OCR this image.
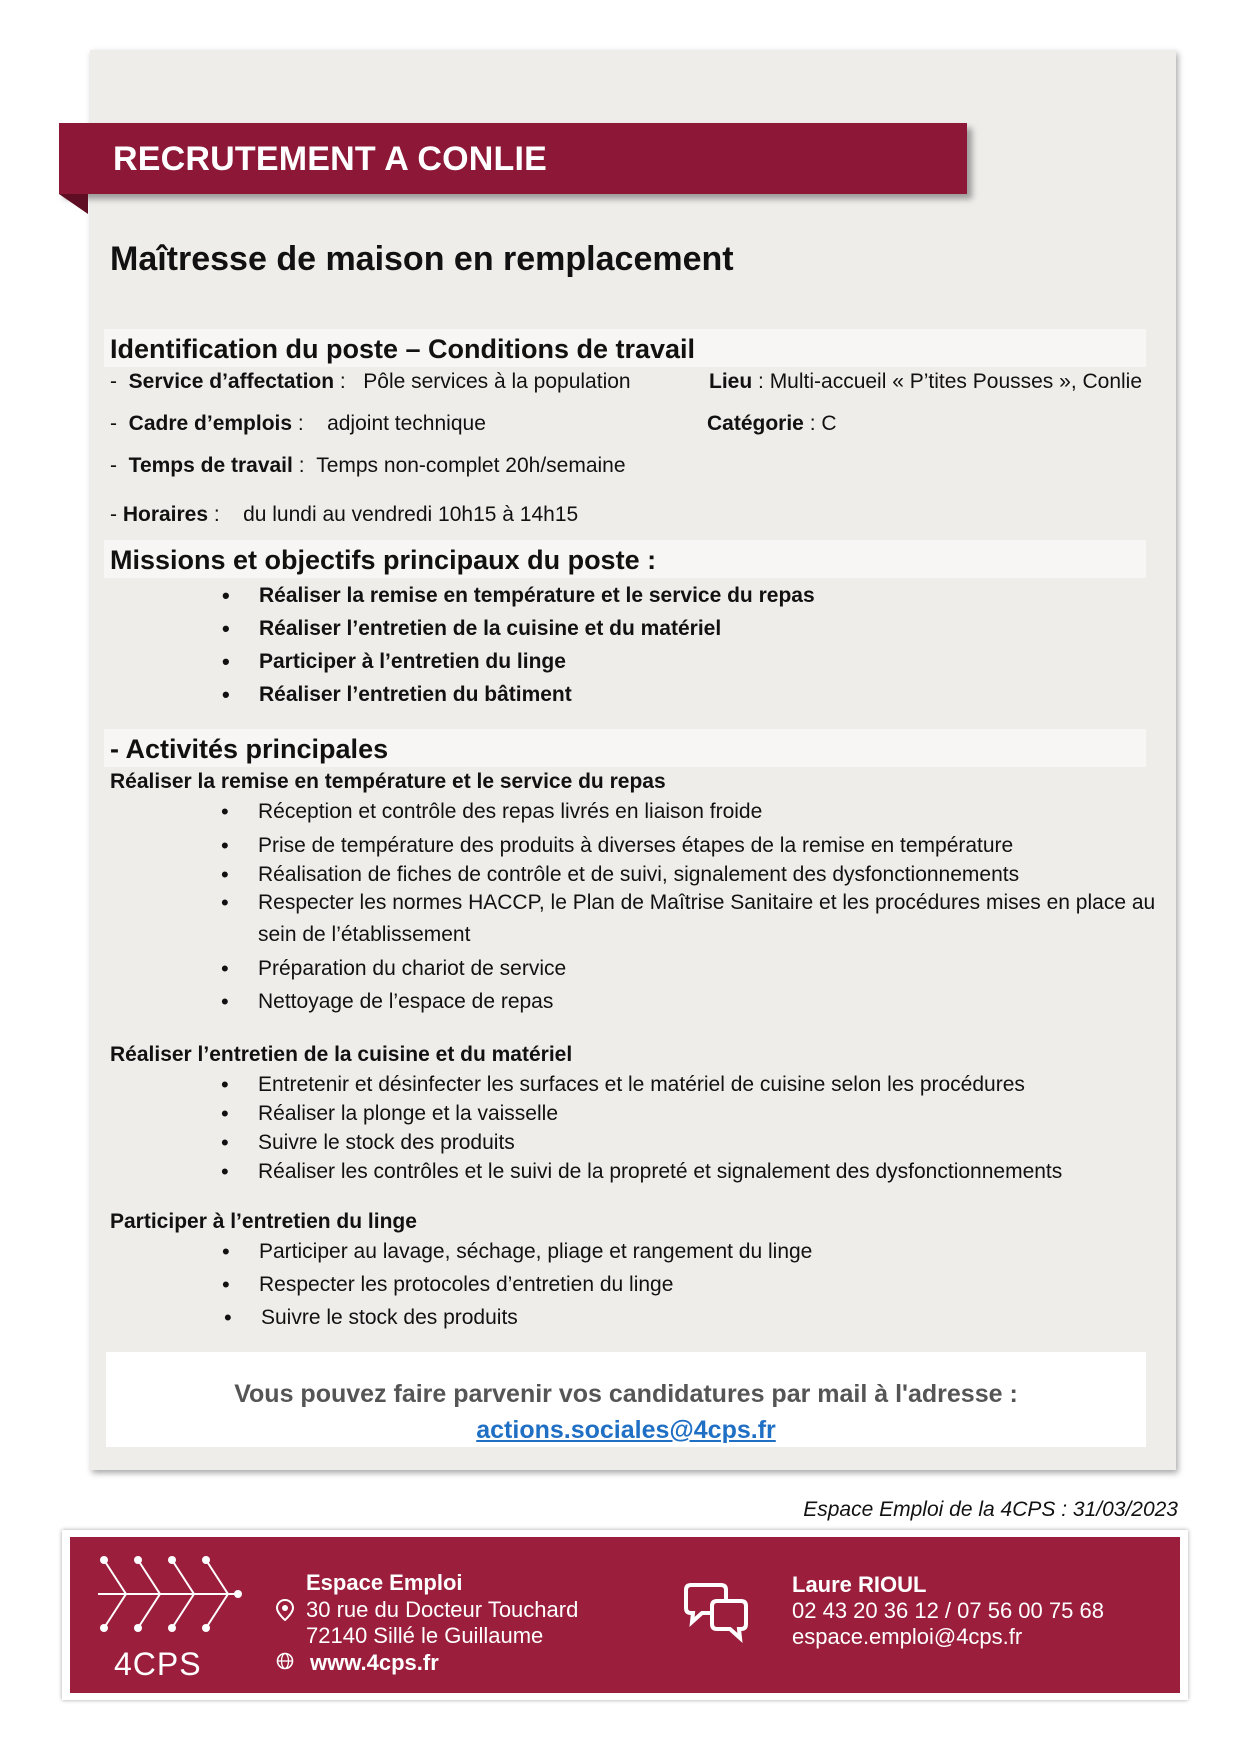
RECRUTEMENT A CONLIE
Maîtresse de maison en remplacement
Identification du poste – Conditions de travail
-  Service d’affectation :   Pôle services à la population	Lieu : Multi-accueil « P’tites Pousses », Conlie
-  Cadre d’emplois :    adjoint technique	Catégorie : C
-  Temps de travail :  Temps non-complet 20h/semaine
- Horaires :    du lundi au vendredi 10h15 à 14h15
Missions et objectifs principaux du poste :
• Réaliser la remise en température et le service du repas
• Réaliser l’entretien de la cuisine et du matériel
• Participer à l’entretien du linge
• Réaliser l’entretien du bâtiment
- Activités principales
Réaliser la remise en température et le service du repas
• Réception et contrôle des repas livrés en liaison froide
• Prise de température des produits à diverses étapes de la remise en température
• Réalisation de fiches de contrôle et de suivi, signalement des dysfonctionnements
• Respecter les normes HACCP, le Plan de Maîtrise Sanitaire et les procédures mises en place au
sein de l’établissement
• Préparation du chariot de service
• Nettoyage de l’espace de repas
Réaliser l’entretien de la cuisine et du matériel
• Entretenir et désinfecter les surfaces et le matériel de cuisine selon les procédures
• Réaliser la plonge et la vaisselle
• Suivre le stock des produits
• Réaliser les contrôles et le suivi de la propreté et signalement des dysfonctionnements
Participer à l’entretien du linge
• Participer au lavage, séchage, pliage et rangement du linge
• Respecter les protocoles d’entretien du linge
• Suivre le stock des produits
Vous pouvez faire parvenir vos candidatures par mail à l'adresse :
actions.sociales@4cps.fr
Espace Emploi de la 4CPS : 31/03/2023
4CPS
Espace Emploi
30 rue du Docteur Touchard
72140 Sillé le Guillaume
www.4cps.fr
Laure RIOUL
02 43 20 36 12 / 07 56 00 75 68
espace.emploi@4cps.fr
